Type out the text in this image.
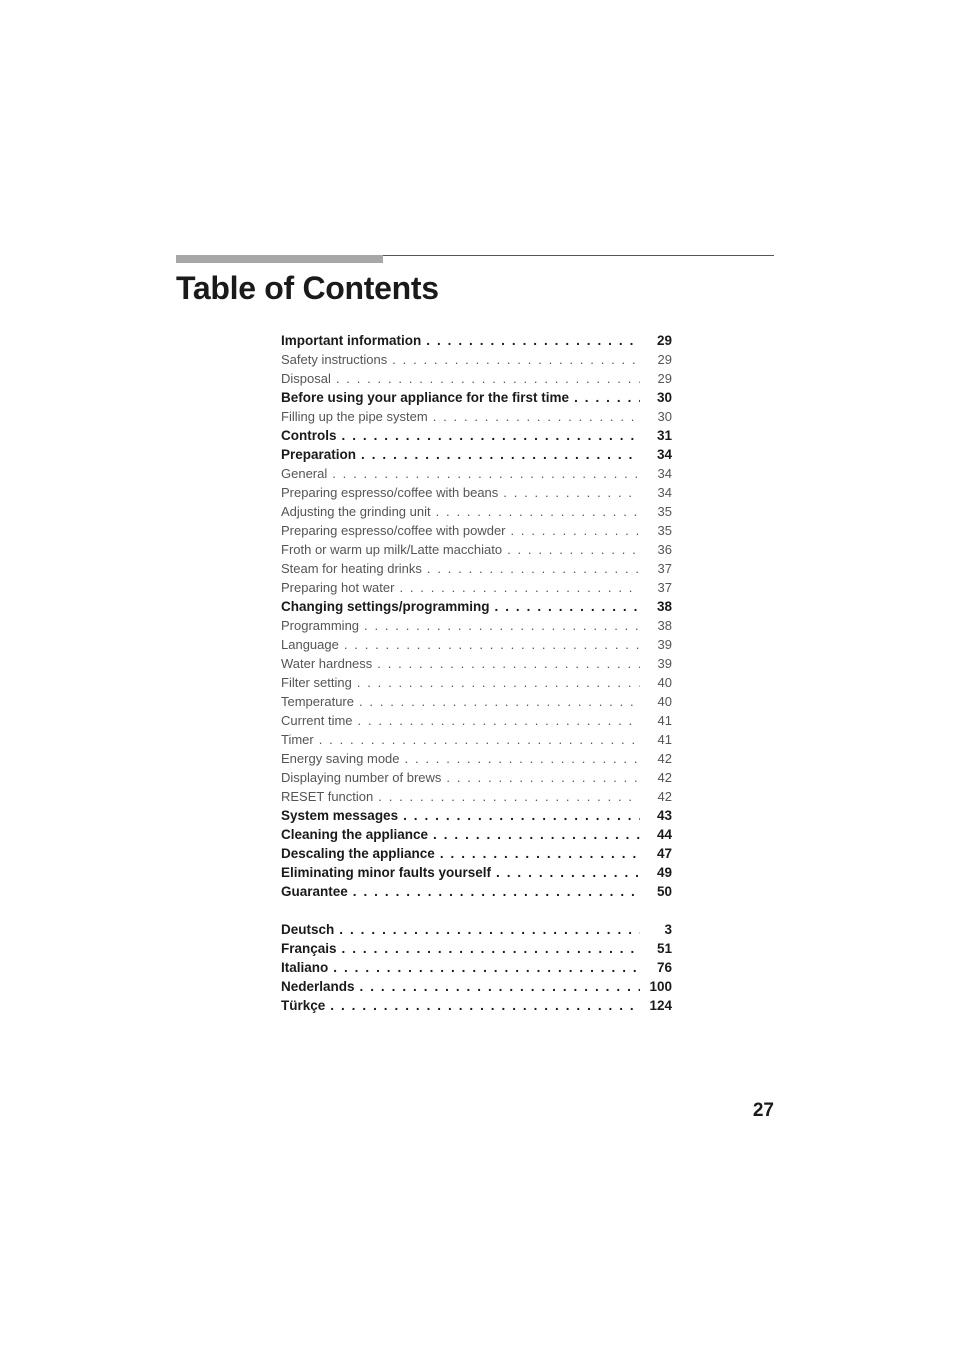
Table of Contents
Important information . . .	29
Safety instructions . . .	29
Disposal . . .	29
Before using your appliance for the first time . . .	30
Filling up the pipe system . . .	30
Controls . . .	31
Preparation . . .	34
General . . .	34
Preparing espresso/coffee with beans . . .	34
Adjusting the grinding unit . . .	35
Preparing espresso/coffee with powder . . .	35
Froth or warm up milk/Latte macchiato . . .	36
Steam for heating drinks . . .	37
Preparing hot water . . .	37
Changing settings/programming . . .	38
Programming . . .	38
Language . . .	39
Water hardness . . .	39
Filter setting . . .	40
Temperature . . .	40
Current time . . .	41
Timer . . .	41
Energy saving mode . . .	42
Displaying number of brews . . .	42
RESET function . . .	42
System messages . . .	43
Cleaning the appliance . . .	44
Descaling the appliance . . .	47
Eliminating minor faults yourself . . .	49
Guarantee . . .	50
Deutsch . . .	3
Français . . .	51
Italiano . . .	76
Nederlands . . .	100
Türkçe . . .	124
27
